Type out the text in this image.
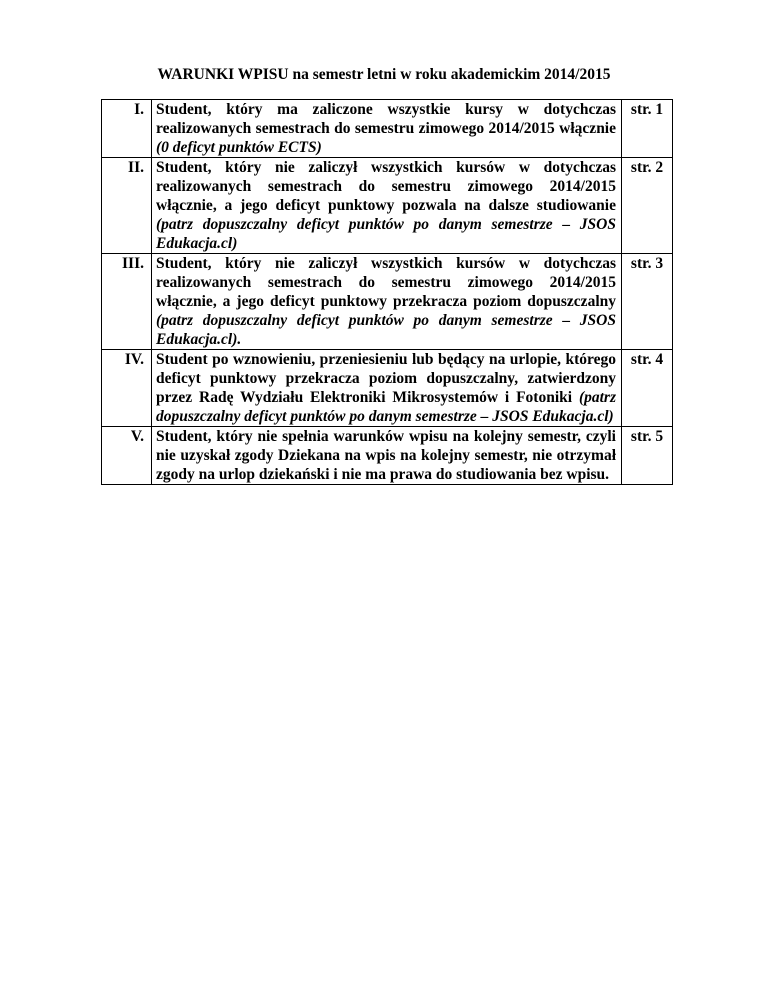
WARUNKI WPISU na semestr letni w roku akademickim 2014/2015
I.	Student, który ma zaliczone wszystkie kursy w dotychczas realizowanych semestrach do semestru zimowego 2014/2015 włącznie (0 deficyt punktów ECTS)	str. 1
II.	Student, który nie zaliczył wszystkich kursów w dotychczas realizowanych semestrach do semestru zimowego 2014/2015 włącznie, a jego deficyt punktowy pozwala na dalsze studiowanie (patrz dopuszczalny deficyt punktów po danym semestrze – JSOS Edukacja.cl)	str. 2
III.	Student, który nie zaliczył wszystkich kursów w dotychczas realizowanych semestrach do semestru zimowego 2014/2015 włącznie, a jego deficyt punktowy przekracza poziom dopuszczalny (patrz dopuszczalny deficyt punktów po danym semestrze – JSOS Edukacja.cl).	str. 3
IV.	Student po wznowieniu, przeniesieniu lub będący na urlopie, którego deficyt punktowy przekracza poziom dopuszczalny, zatwierdzony przez Radę Wydziału Elektroniki Mikrosystemów i Fotoniki (patrz dopuszczalny deficyt punktów po danym semestrze – JSOS Edukacja.cl)	str. 4
V.	Student, który nie spełnia warunków wpisu na kolejny semestr, czyli nie uzyskał zgody Dziekana na wpis na kolejny semestr, nie otrzymał zgody na urlop dziekański i nie ma prawa do studiowania bez wpisu.	str. 5
